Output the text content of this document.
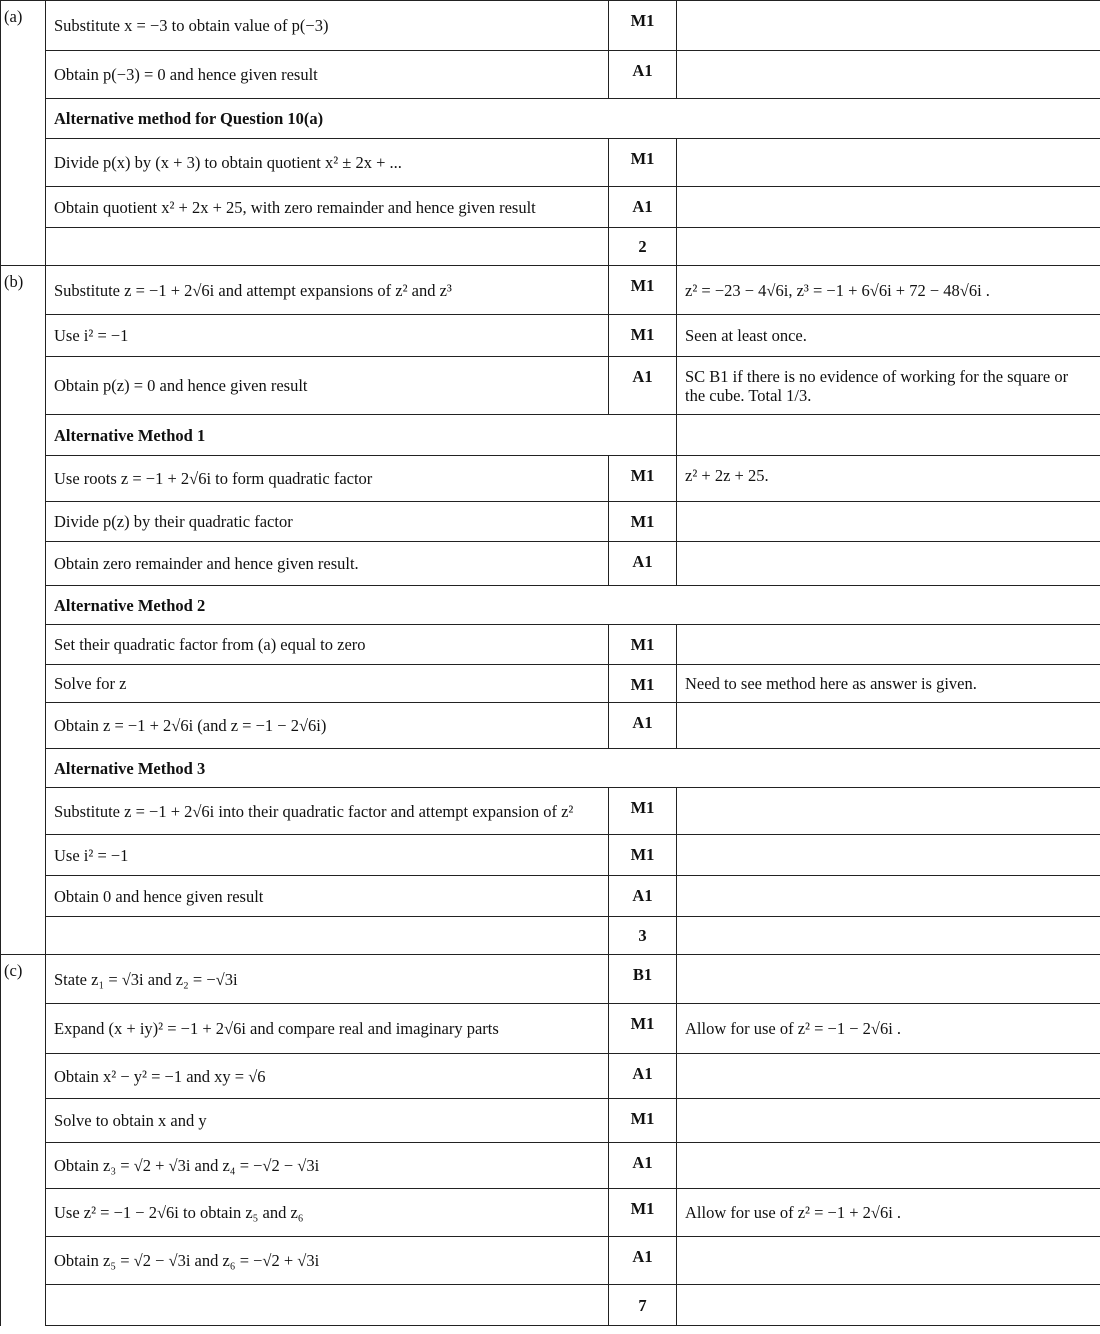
(a)	Substitute x = −3 to obtain value of p(−3)	M1	
	Obtain p(−3) = 0 and hence given result	A1	
	Alternative method for Question 10(a)		
	Divide p(x) by (x + 3) to obtain quotient x² ± 2x + ...	M1	
	Obtain quotient x² + 2x + 25, with zero remainder and hence given result	A1	
		2	
(b)	Substitute z = −1 + 2√6i and attempt expansions of z² and z³	M1	z² = −23 − 4√6i, z³ = −1 + 6√6i + 72 − 48√6i .
	Use i² = −1	M1	Seen at least once.
	Obtain p(z) = 0 and hence given result	A1	SC B1 if there is no evidence of working for the square or the cube. Total 1/3.
	Alternative Method 1		
	Use roots z = −1 + 2√6i to form quadratic factor	M1	z² + 2z + 25.
	Divide p(z) by their quadratic factor	M1	
	Obtain zero remainder and hence given result.	A1	
	Alternative Method 2		
	Set their quadratic factor from (a) equal to zero	M1	
	Solve for z	M1	Need to see method here as answer is given.
	Obtain z = −1 + 2√6i (and z = −1 − 2√6i)	A1	
	Alternative Method 3		
	Substitute z = −1 + 2√6i into their quadratic factor and attempt expansion of z²	M1	
	Use i² = −1	M1	
	Obtain 0 and hence given result	A1	
		3	
(c)	State z₁ = √3i and z₂ = −√3i	B1	
	Expand (x + iy)² = −1 + 2√6i and compare real and imaginary parts	M1	Allow for use of z² = −1 − 2√6i .
	Obtain x² − y² = −1 and xy = √6	A1	
	Solve to obtain x and y	M1	
	Obtain z₃ = √2 + √3i and z₄ = −√2 − √3i	A1	
	Use z² = −1 − 2√6i to obtain z₅ and z₆	M1	Allow for use of z² = −1 + 2√6i .
	Obtain z₅ = √2 − √3i and z₆ = −√2 + √3i	A1	
		7	
